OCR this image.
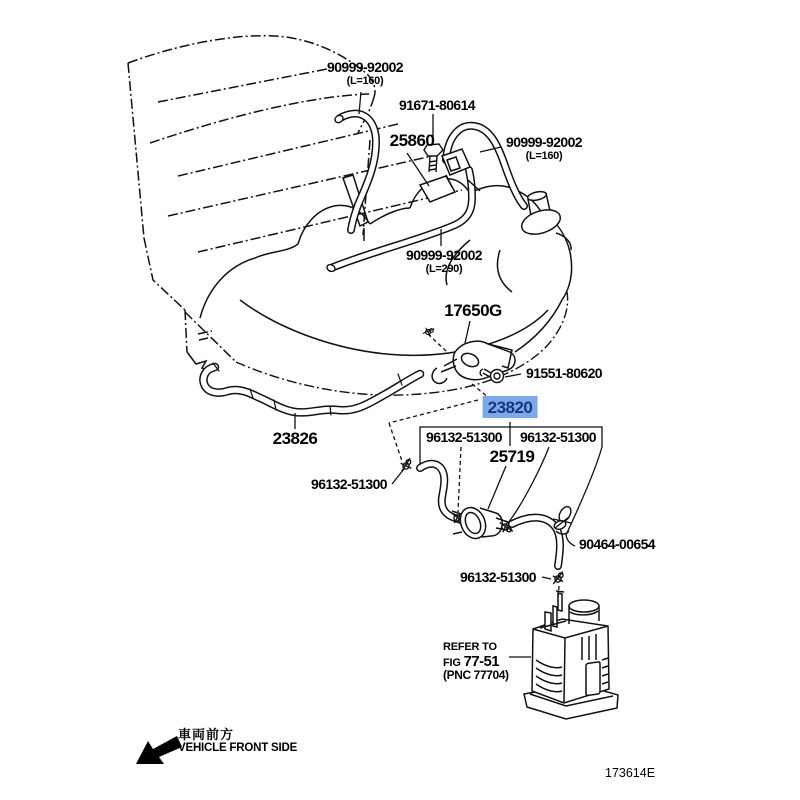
90999-92002
(L=160)
91671-80614
25860	90999-92002
(L=160)
90999-92002
(L=290)
17650G
91551-80620
23820
23826	96132-51300 96132-51300
25719
96132-51300
90464-00654
96132-51300
REFER TO
FIG 77-51
(PNC 77704)
車両前方
VEHICLE FRONT SIDE
173614E
